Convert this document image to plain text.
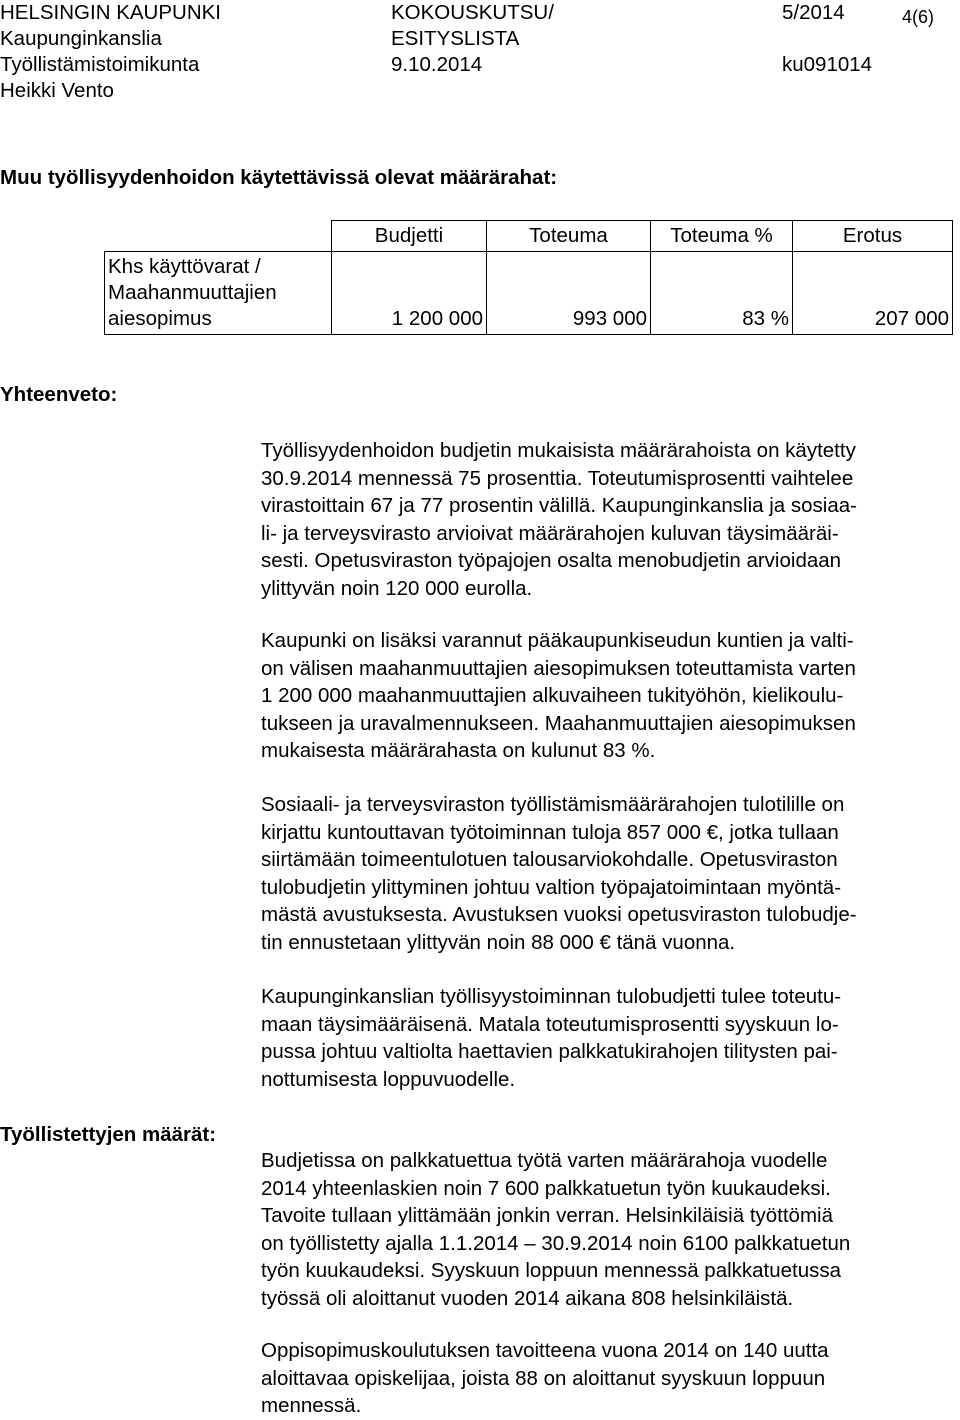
HELSINGIN KAUPUNKI
Kaupunginkanslia
Työllistämistoimikunta
Heikki Vento
KOKOUSKUTSU/
ESITYSLISTA
9.10.2014
5/2014
ku091014
4(6)
Muu työllisyydenhoidon käytettävissä olevat määrärahat:
	Budjetti	Toteuma	Toteuma %	Erotus

Khs käyttövarat /
Maahanmuuttajien
aiesopimus	1 200 000	993 000	83 %	207 000
Yhteenveto:
Työllistettyjen määrät:
Työllisyydenhoidon budjetin mukaisista määrärahoista on käytetty
30.9.2014 mennessä 75 prosenttia. Toteutumisprosentti vaihtelee
virastoittain 67 ja 77 prosentin välillä. Kaupunginkanslia ja sosiaa-
li- ja terveysvirasto arvioivat määrärahojen kuluvan täysimääräi-
sesti. Opetusviraston työpajojen osalta menobudjetin arvioidaan
ylittyvän noin 120 000 eurolla.
Kaupunki on lisäksi varannut pääkaupunkiseudun kuntien ja valti-
on välisen maahanmuuttajien aiesopimuksen toteuttamista varten
1 200 000 maahanmuuttajien alkuvaiheen tukityöhön, kielikoulu-
tukseen ja uravalmennukseen. Maahanmuuttajien aiesopimuksen
mukaisesta määrärahasta on kulunut 83 %.
Sosiaali- ja terveysviraston työllistämismäärärahojen tulotilille on
kirjattu kuntouttavan työtoiminnan tuloja 857 000 €, jotka tullaan
siirtämään toimeentulotuen talousarviokohdalle. Opetusviraston
tulobudjetin ylittyminen johtuu valtion työpajatoimintaan myöntä-
mästä avustuksesta. Avustuksen vuoksi opetusviraston tulobudje-
tin ennustetaan ylittyvän noin 88 000 € tänä vuonna.
Kaupunginkanslian työllisyystoiminnan tulobudjetti tulee toteutu-
maan täysimääräisenä. Matala toteutumisprosentti syyskuun lo-
pussa johtuu valtiolta haettavien palkkatukirahojen tilitysten pai-
nottumisesta loppuvuodelle.
Budjetissa on palkkatuettua työtä varten määrärahoja vuodelle
2014 yhteenlaskien noin 7 600 palkkatuetun työn kuukaudeksi.
Tavoite tullaan ylittämään jonkin verran. Helsinkiläisiä työttömiä
on työllistetty ajalla 1.1.2014 – 30.9.2014 noin 6100 palkkatuetun
työn kuukaudeksi. Syyskuun loppuun mennessä palkkatuetussa
työssä oli aloittanut vuoden 2014 aikana 808 helsinkiläistä.
Oppisopimuskoulutuksen tavoitteena vuona 2014 on 140 uutta
aloittavaa opiskelijaa, joista 88 on aloittanut syyskuun loppuun
mennessä.
